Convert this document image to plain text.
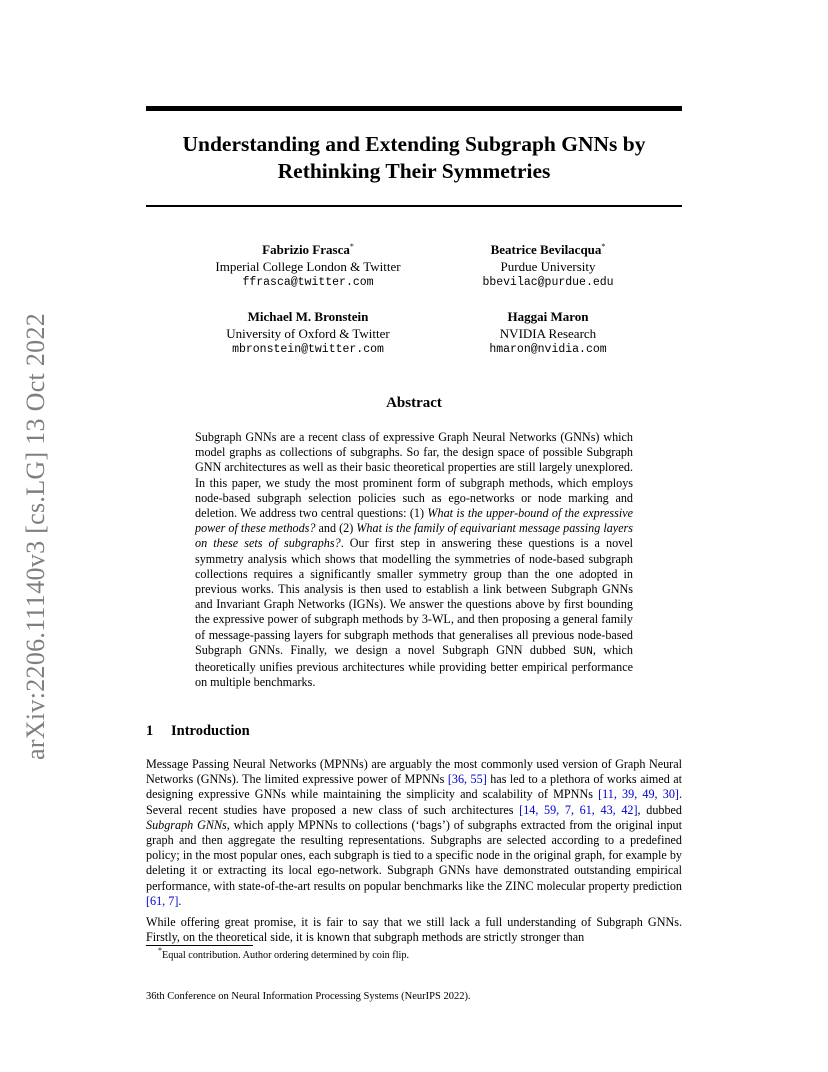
arXiv:2206.11140v3 [cs.LG] 13 Oct 2022
Understanding and Extending Subgraph GNNs by Rethinking Their Symmetries
Fabrizio Frasca*
Imperial College London & Twitter
ffrasca@twitter.com
Beatrice Bevilacqua*
Purdue University
bbevilac@purdue.edu
Michael M. Bronstein
University of Oxford & Twitter
mbronstein@twitter.com
Haggai Maron
NVIDIA Research
hmaron@nvidia.com
Abstract

Subgraph GNNs are a recent class of expressive Graph Neural Networks (GNNs) which model graphs as collections of subgraphs. So far, the design space of possible Subgraph GNN architectures as well as their basic theoretical properties are still largely unexplored. In this paper, we study the most prominent form of subgraph methods, which employs node-based subgraph selection policies such as ego-networks or node marking and deletion. We address two central questions: (1) What is the upper-bound of the expressive power of these methods? and (2) What is the family of equivariant message passing layers on these sets of subgraphs?. Our first step in answering these questions is a novel symmetry analysis which shows that modelling the symmetries of node-based subgraph collections requires a significantly smaller symmetry group than the one adopted in previous works. This analysis is then used to establish a link between Subgraph GNNs and Invariant Graph Networks (IGNs). We answer the questions above by first bounding the expressive power of subgraph methods by 3-WL, and then proposing a general family of message-passing layers for subgraph methods that generalises all previous node-based Subgraph GNNs. Finally, we design a novel Subgraph GNN dubbed SUN, which theoretically unifies previous architectures while providing better empirical performance on multiple benchmarks.

1 Introduction

Message Passing Neural Networks (MPNNs) are arguably the most commonly used version of Graph Neural Networks (GNNs). The limited expressive power of MPNNs [36, 55] has led to a plethora of works aimed at designing expressive GNNs while maintaining the simplicity and scalability of MPNNs [11, 39, 49, 30]. Several recent studies have proposed a new class of such architectures [14, 59, 7, 61, 43, 42], dubbed Subgraph GNNs, which apply MPNNs to collections (‘bags’) of subgraphs extracted from the original input graph and then aggregate the resulting representations. Subgraphs are selected according to a predefined policy; in the most popular ones, each subgraph is tied to a specific node in the original graph, for example by deleting it or extracting its local ego-network. Subgraph GNNs have demonstrated outstanding empirical performance, with state-of-the-art results on popular benchmarks like the ZINC molecular property prediction [61, 7].

While offering great promise, it is fair to say that we still lack a full understanding of Subgraph GNNs. Firstly, on the theoretical side, it is known that subgraph methods are strictly stronger than

*Equal contribution. Author ordering determined by coin flip.

36th Conference on Neural Information Processing Systems (NeurIPS 2022).
